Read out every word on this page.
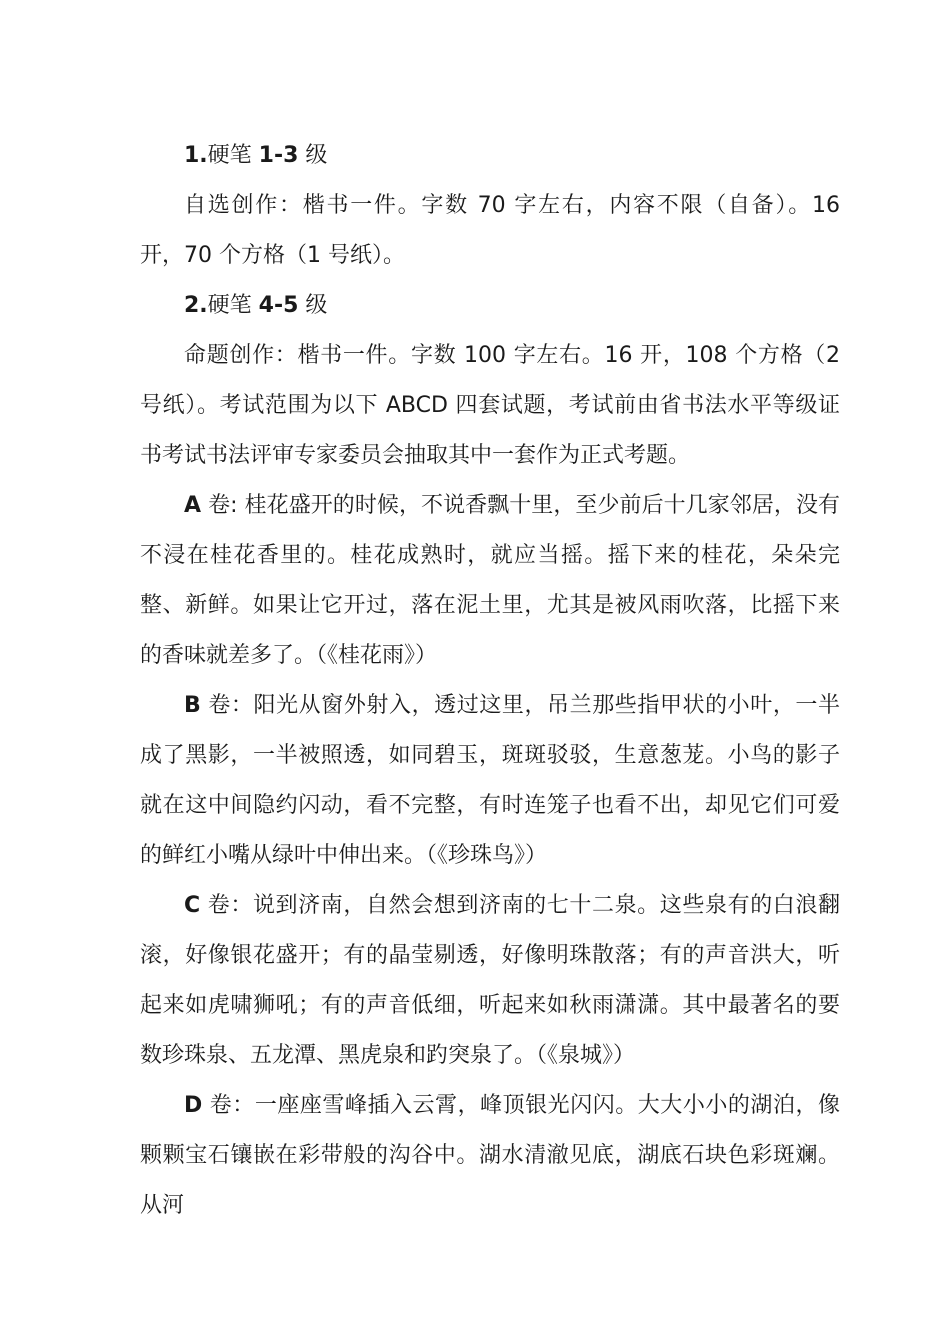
1.硬笔 1-3 级

自选创作：楷书一件。字数 70 字左右，内容不限（自备）。16 开，70 个方格（1 号纸）。

2.硬笔 4-5 级

命题创作：楷书一件。字数 100 字左右。16 开，108 个方格（2 号纸）。考试范围为以下 ABCD 四套试题，考试前由省书法水平等级证书考试书法评审专家委员会抽取其中一套作为正式考题。

A 卷: 桂花盛开的时候，不说香飘十里，至少前后十几家邻居，没有不浸在桂花香里的。桂花成熟时，就应当摇。摇下来的桂花，朵朵完整、新鲜。如果让它开过，落在泥土里，尤其是被风雨吹落，比摇下来的香味就差多了。（《桂花雨》）

B 卷：阳光从窗外射入，透过这里，吊兰那些指甲状的小叶，一半成了黑影，一半被照透，如同碧玉，斑斑驳驳，生意葱茏。小鸟的影子就在这中间隐约闪动，看不完整，有时连笼子也看不出，却见它们可爱的鲜红小嘴从绿叶中伸出来。（《珍珠鸟》）

C 卷：说到济南，自然会想到济南的七十二泉。这些泉有的白浪翻滚，好像银花盛开；有的晶莹剔透，好像明珠散落；有的声音洪大，听起来如虎啸狮吼；有的声音低细，听起来如秋雨潇潇。其中最著名的要数珍珠泉、五龙潭、黑虎泉和趵突泉了。（《泉城》）

D 卷：一座座雪峰插入云霄，峰顶银光闪闪。大大小小的湖泊，像颗颗宝石镶嵌在彩带般的沟谷中。湖水清澈见底，湖底石块色彩斑斓。从河
